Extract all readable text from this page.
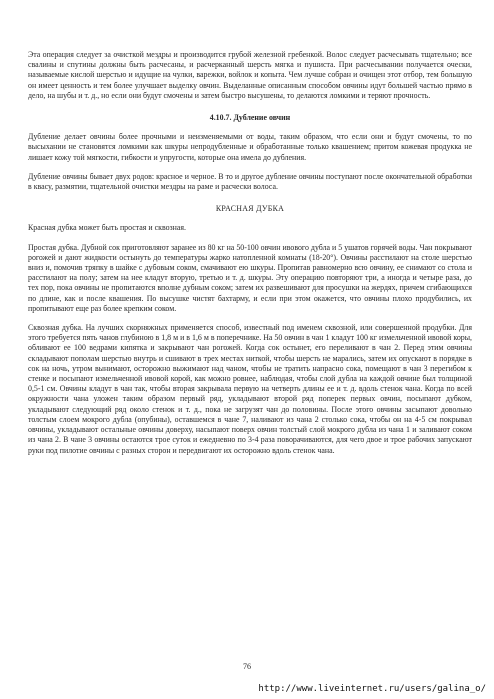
Эта операция следует за очисткой мездры и производится грубой железной гребенкой. Волос следует расчесывать тщательно; все свалины и спутины должны быть расчесаны, и расчерканный шерсть мягка и пушиста. При расчесывании получается очески, называемые кислой шерстью и идущие на чулки, варежки, войлок и копыта. Чем лучше собран и очищен этот отбор, тем большую он имеет ценность и тем более улучшает выделку овчин. Выделанные описанным способом овчины идут большей частью прямо в дело, на шубы и т. д., но если они будут смочены и затем быстро высушены, то делаются ломкими и теряют прочность.

4.10.7. Дубление овчин

Дубление делает овчины более прочными и неизменяемыми от воды, таким образом, что если они и будут смочены, то по высыхании не становятся ломкими как шкуры непродубленные и обработанные только квашением; притом кожевая продукка не лишает кожу той мягкости, гибкости и упругости, которые она имела до дубления.

Дубление овчины бывает двух родов: красное и черное. В то и другое дубление овчины поступают после окончательной обработки в квасу, размятии, тщательной очистки мездры на раме и расчески волоса.

КРАСНАЯ ДУБКА

Красная дубка может быть простая и сквозная.

Простая дубка. Дубной сок приготовляют заранее из 80 кг на 50-100 овчин ивового дубла и 5 ушатов горячей воды. Чан покрывают рогожей и дают жидкости остынуть до температуры жарко натопленной комнаты (18-20°). Овчины расстилают на столе шерстью вниз и, помочив тряпку в шайке с дубовым соком, смачивают ею шкуры. Пропитав равномерно всю овчину, ее снимают со стола и расстилают на полу; затем на нее кладут вторую, третью и т. д. шкуры. Эту операцию повторяют три, а иногда и четыре раза, до тех пор, пока овчины не пропитаются вполне дубным соком; затем их развешивают для просушки на жердях, причем сгибающихся по длине, как и после квашения. По высушке чистят бахтарму, и если при этом окажется, что овчины плохо продубились, их пропитывают еще раз более крепким соком.

Сквозная дубка. На лучших скорняжных применяется способ, известный под именем сквозной, или совершенной продубки. Для этого требуется пять чанов глубиною в 1,8 м и в 1,6 м в поперечнике. На 50 овчин в чан 1 кладут 100 кг измельченной ивовой коры, обливают ее 100 ведрами кипятка и закрывают чан рогожей. Когда сок остынет, его переливают в чан 2. Перед этим овчины складывают пополам шерстью внутрь и сшивают в трех местах ниткой, чтобы шерсть не марались, затем их опускают в порядке в сок на ночь, утром вынимают, осторожно выжимают над чаном, чтобы не тратить напрасно сока, помещают в чан 3 перегибом к стенке и посыпают измельченной ивовой корой, как можно ровнее, наблюдая, чтобы слой дубла на каждой овчине был толщиной 0,5-1 см. Овчины кладут в чан так, чтобы вторая закрывала первую на четверть длины ее и т. д. вдоль стенок чана. Когда по всей окружности чана уложен таким образом первый ряд, укладывают второй ряд поперек первых овчин, посыпают дубком, укладывают следующий ряд около стенок и т. д., пока не загрузят чан до половины. После этого овчины засыпают довольно толстым слоем мокрого дубла (опубины), оставшемся в чане 7, наливают из чана 2 столько сока, чтобы он на 4-5 см покрывал овчины, укладывают остальные овчины доверху, насыпают поверх овчин толстый слой мокрого дубла из чана 1 и заливают соком из чана 2. В чане 3 овчины остаются трое суток и ежедневно по 3-4 раза поворачиваются, для чего двое и трое рабочих запускают руки под пилотие овчины с разных сторон и передвигают их осторожно вдоль стенок чана.

76
http://www.liveinternet.ru/users/galina_o/
